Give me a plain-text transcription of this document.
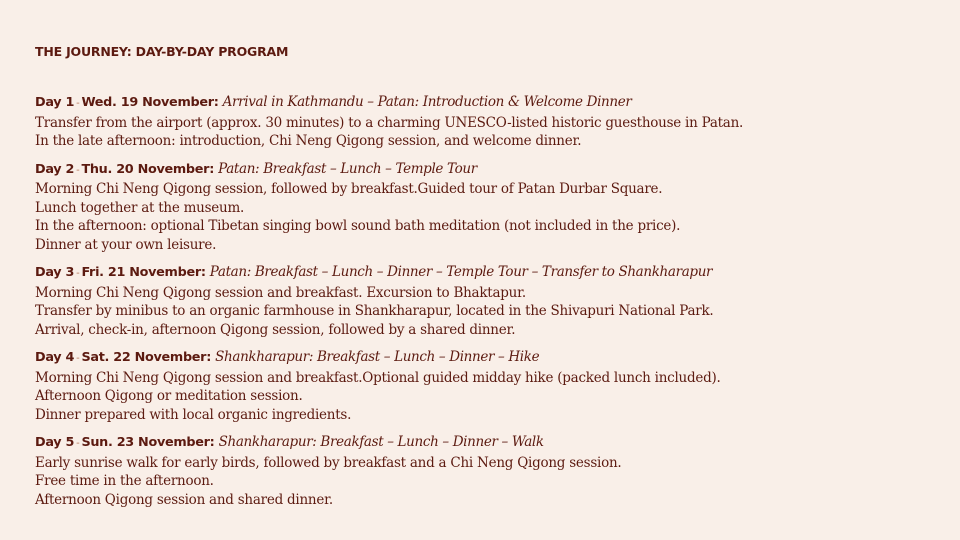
THE JOURNEY: DAY-BY-DAY PROGRAM
Day 1 - Wed. 19 November: Arrival in Kathmandu – Patan: Introduction & Welcome Dinner
Transfer from the airport (approx. 30 minutes) to a charming UNESCO-listed historic guesthouse in Patan.
In the late afternoon: introduction, Chi Neng Qigong session, and welcome dinner.
Day 2 - Thu. 20 November: Patan: Breakfast – Lunch – Temple Tour
Morning Chi Neng Qigong session, followed by breakfast.Guided tour of Patan Durbar Square.
Lunch together at the museum.
In the afternoon: optional Tibetan singing bowl sound bath meditation (not included in the price).
Dinner at your own leisure.
Day 3 - Fri. 21 November: Patan: Breakfast – Lunch – Dinner – Temple Tour – Transfer to Shankharapur
Morning Chi Neng Qigong session and breakfast. Excursion to Bhaktapur.
Transfer by minibus to an organic farmhouse in Shankharapur, located in the Shivapuri National Park.
Arrival, check-in, afternoon Qigong session, followed by a shared dinner.
Day 4 - Sat. 22 November: Shankharapur: Breakfast – Lunch – Dinner – Hike
Morning Chi Neng Qigong session and breakfast.Optional guided midday hike (packed lunch included).
Afternoon Qigong or meditation session.
Dinner prepared with local organic ingredients.
Day 5 - Sun. 23 November: Shankharapur: Breakfast – Lunch – Dinner – Walk
Early sunrise walk for early birds, followed by breakfast and a Chi Neng Qigong session.
Free time in the afternoon.
Afternoon Qigong session and shared dinner.
